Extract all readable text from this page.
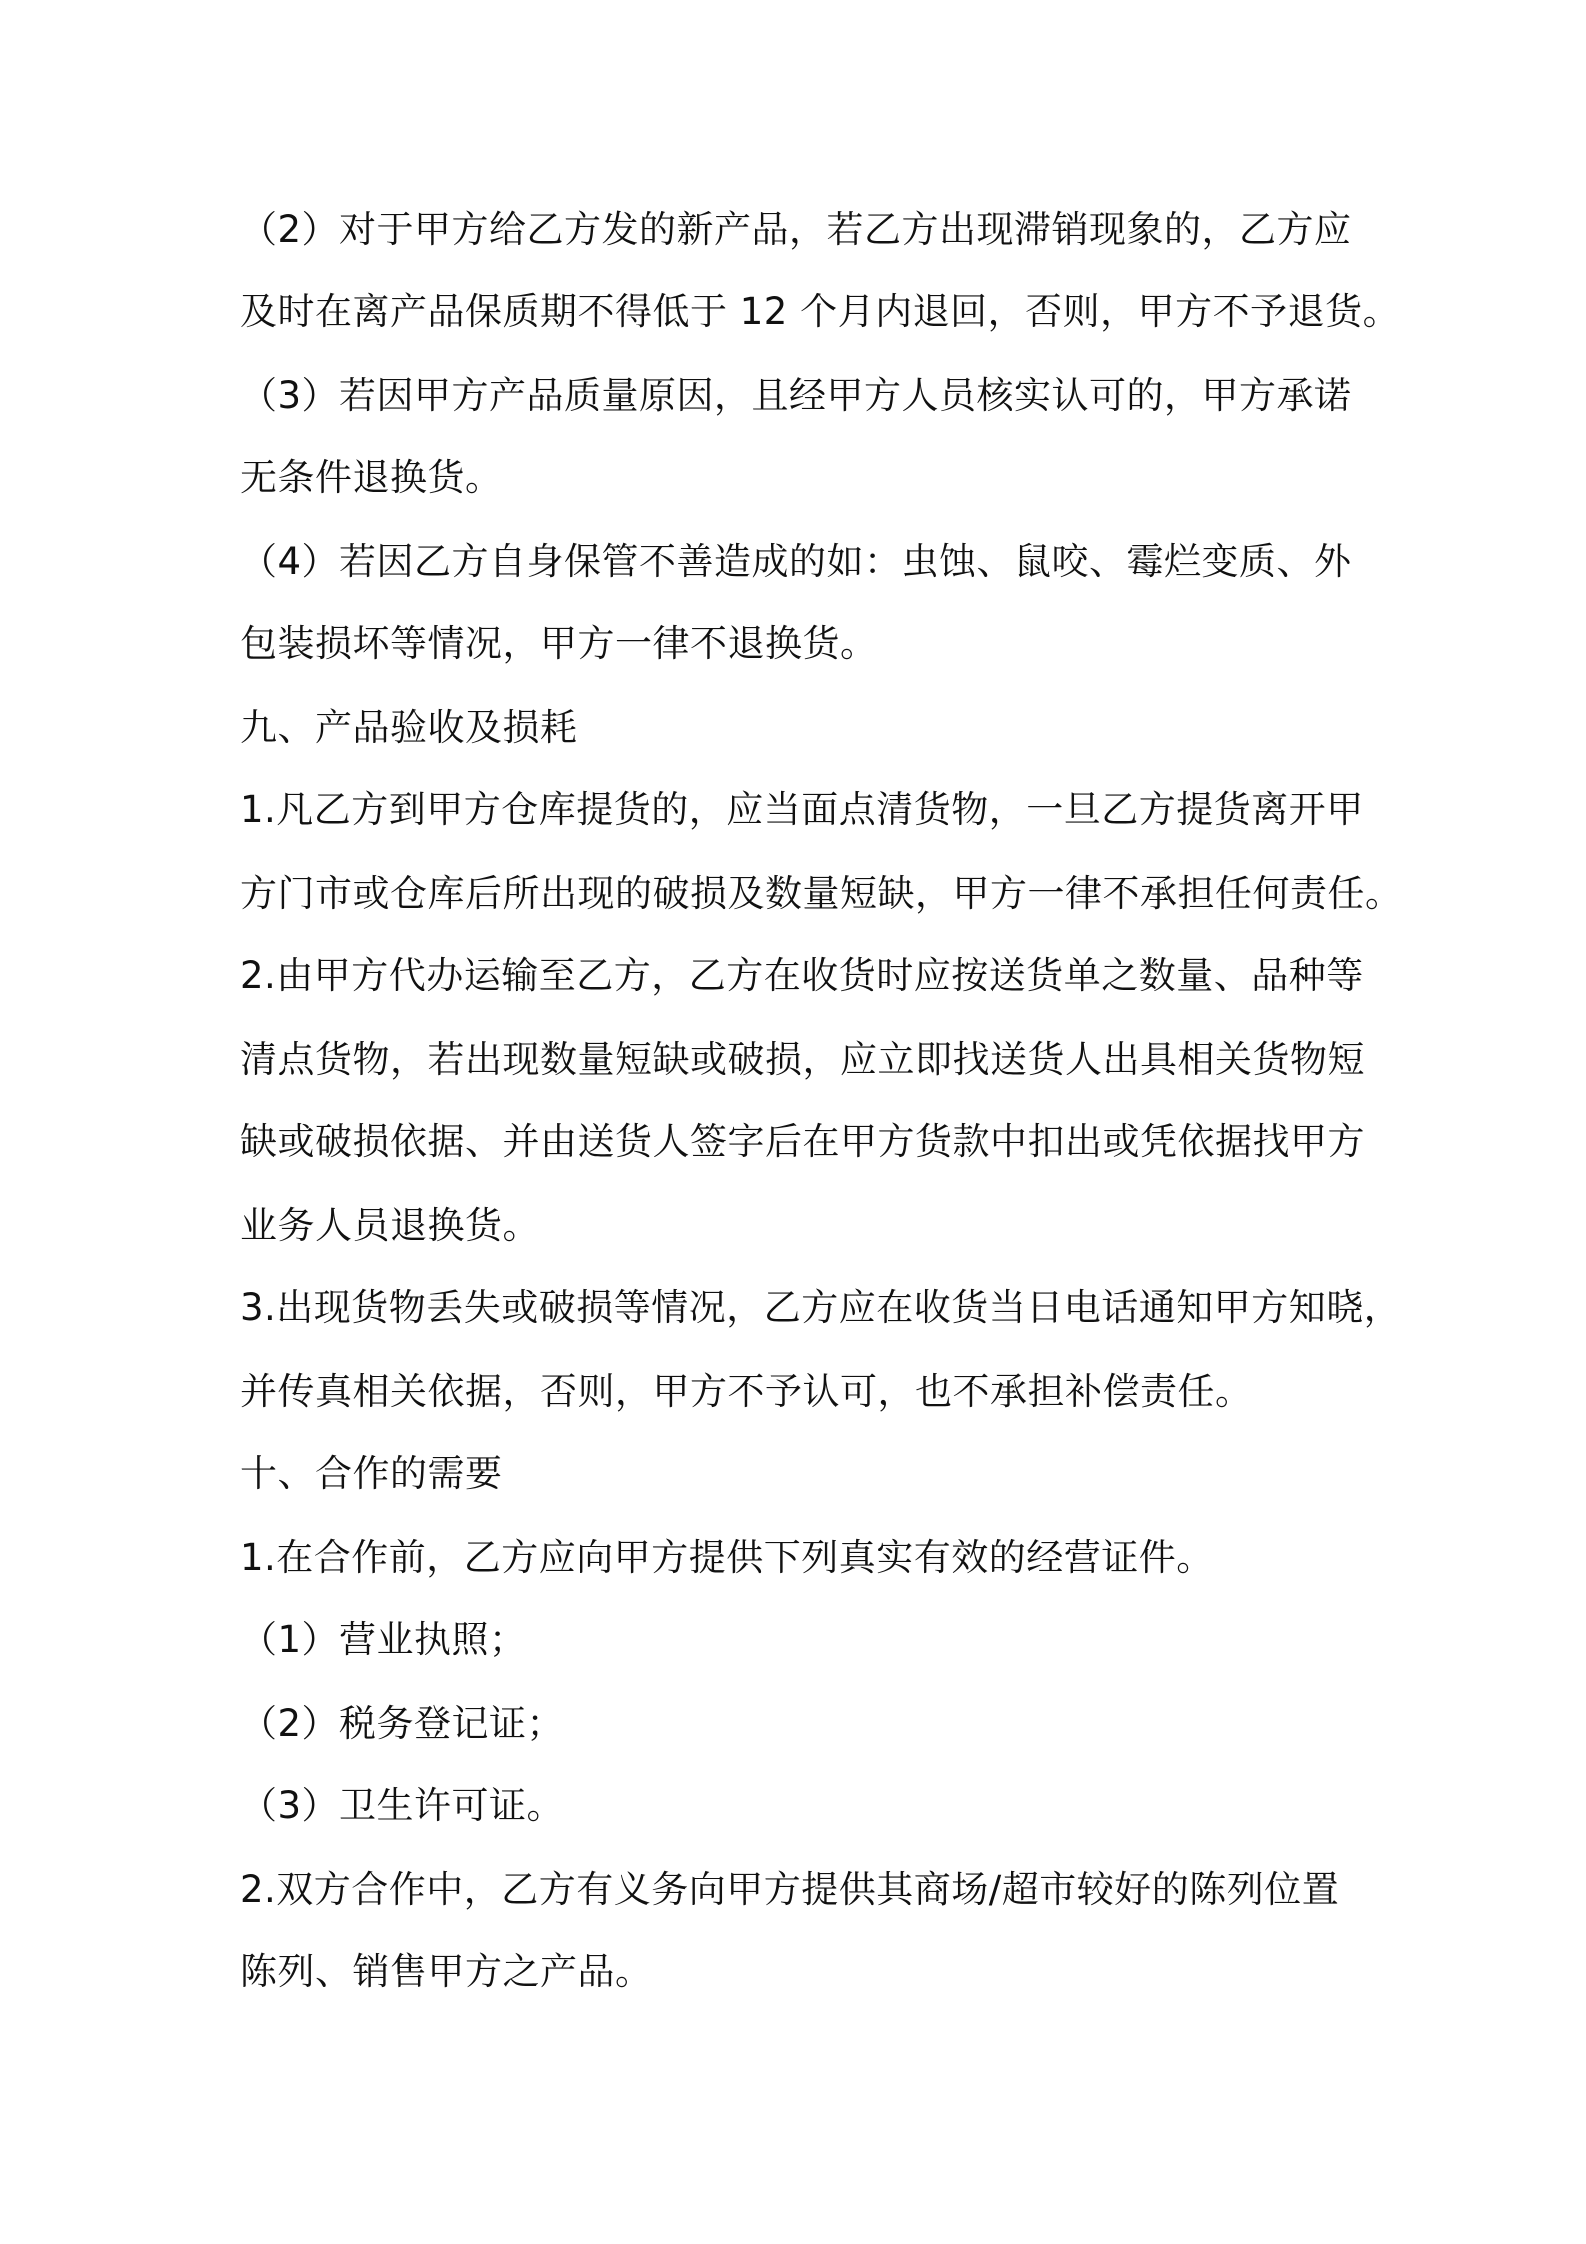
（2）对于甲方给乙方发的新产品，若乙方出现滞销现象的，乙方应

及时在离产品保质期不得低于 12 个月内退回，否则，甲方不予退货。

（3）若因甲方产品质量原因，且经甲方人员核实认可的，甲方承诺

无条件退换货。

（4）若因乙方自身保管不善造成的如：虫蚀、鼠咬、霉烂变质、外

包装损坏等情况，甲方一律不退换货。

九、产品验收及损耗

1.凡乙方到甲方仓库提货的，应当面点清货物，一旦乙方提货离开甲

方门市或仓库后所出现的破损及数量短缺，甲方一律不承担任何责任。

2.由甲方代办运输至乙方，乙方在收货时应按送货单之数量、品种等

清点货物，若出现数量短缺或破损，应立即找送货人出具相关货物短

缺或破损依据、并由送货人签字后在甲方货款中扣出或凭依据找甲方

业务人员退换货。

3.出现货物丢失或破损等情况，乙方应在收货当日电话通知甲方知晓，

并传真相关依据，否则，甲方不予认可，也不承担补偿责任。

十、合作的需要

1.在合作前，乙方应向甲方提供下列真实有效的经营证件。

（1）营业执照；

（2）税务登记证；

（3）卫生许可证。

2.双方合作中，乙方有义务向甲方提供其商场/超市较好的陈列位置

陈列、销售甲方之产品。
